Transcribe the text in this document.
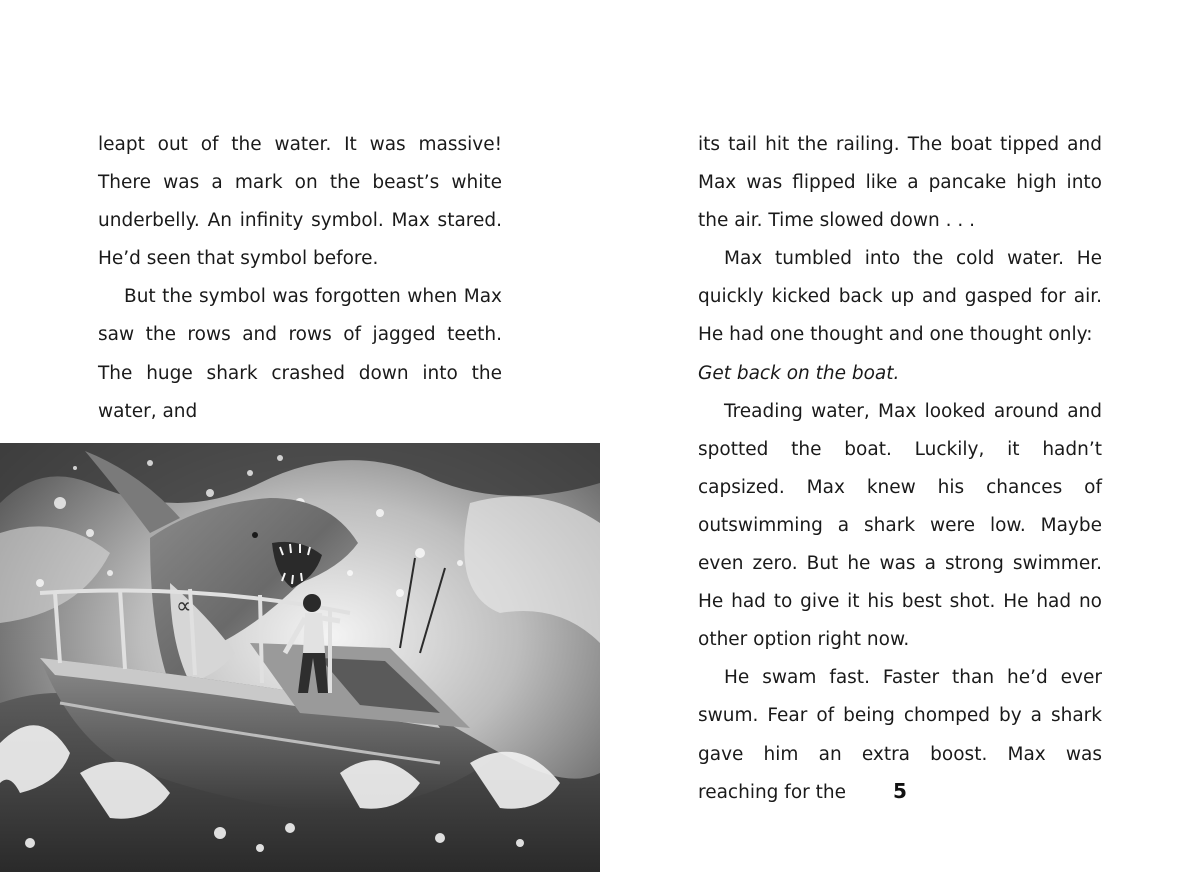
leapt out of the water. It was massive! There was a mark on the beast’s white underbelly. An infinity symbol. Max stared. He’d seen that symbol before.

But the symbol was forgotten when Max saw the rows and rows of jagged teeth. The huge shark crashed down into the water, and

∞

its tail hit the railing. The boat tipped and Max was flipped like a pancake high into the air. Time slowed down . . .

Max tumbled into the cold water. He quickly kicked back up and gasped for air. He had one thought and one thought only:

Get back on the boat.

Treading water, Max looked around and spotted the boat. Luckily, it hadn’t capsized. Max knew his chances of outswimming a shark were low. Maybe even zero. But he was a strong swimmer. He had to give it his best shot. He had no other option right now.

He swam fast. Faster than he’d ever swum. Fear of being chomped by a shark gave him an extra boost. Max was reaching for the	5
